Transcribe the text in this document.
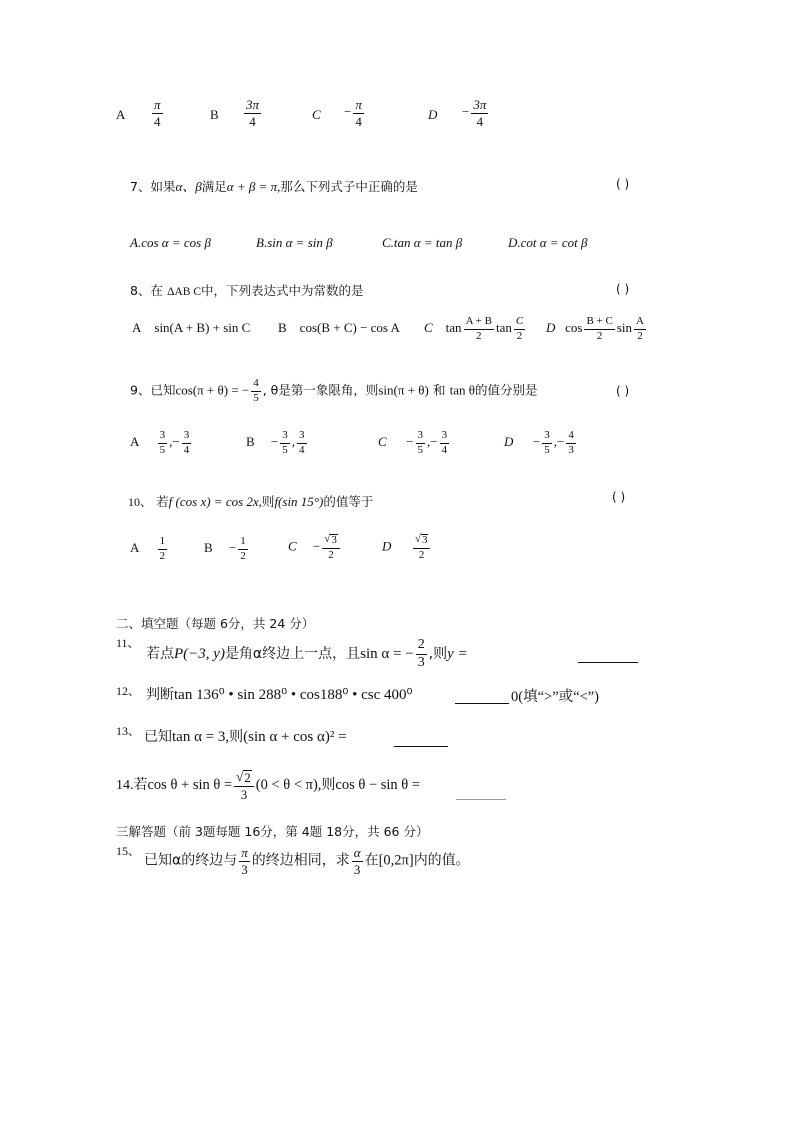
A $\frac{\pi}{4}$	B $\frac{3\pi}{4}$	$C - \frac{\pi}{4}$	$D - \frac{3\pi}{4}$
7、如果α、β满足α + β = π,那么下列式子中正确的是	( )
A.cos α = cos β	B.sin α = sin β	C.tan α = tan β	D.cot α = cot β
8、在 ΔAB C中，下列表达式中为常数的是	( )
A sin(A + B) + sin C B cos(B + C) − cos A C $\tan \frac{A + B}{2}$ $\tan \frac{C}{2}$ D $\cos \frac{B + C}{2}$ $\sin \frac{A}{2}$
9、已知cos(π + θ) = − $\frac{4}{5}$ , θ是第一象限角，则sin(π + θ) 和 tan θ的值分别是	( )
A $\frac{3}{5}$ ,− $\frac{3}{4}$	$B - \frac{3}{5}$ , $\frac{3}{4}$	$C - \frac{3}{5}$ ,− $\frac{3}{4}$	$D - \frac{3}{5}$ ,− $\frac{4}{3}$
10、 若f (cos x) = cos 2x,则f(sin 15°)的值等于	( )
A $\frac{1}{2}$	$B - \frac{1}{2}$	$C - \frac{√ 3}{2}$	D $\frac{√ 3}{2}$
二、填空题（每题 6分，共 24 分）
11、
若点P(−3, y)是角α终边上一点，且sin α = − $\frac{2}{3}$ ,则y =
12、 判断tan 136⁰ • sin 288⁰ • cos188⁰ • csc 400⁰	0(填“>”或“<”)
13、 已知tan α = 3,则(sin α + cos α)² =
14.若$\cos \theta + \sin \theta = \frac{√ 2}{3} (0 < \theta < \pi)$,则cos θ − sin θ =
三解答题（前 3题每题 16分，第 4题 18分，共 66 分）
15、
已知α的终边与 $\frac{\pi}{3}$ 的终边相同，求 $\frac{\alpha}{3}$ 在[0,2π]内的值。
